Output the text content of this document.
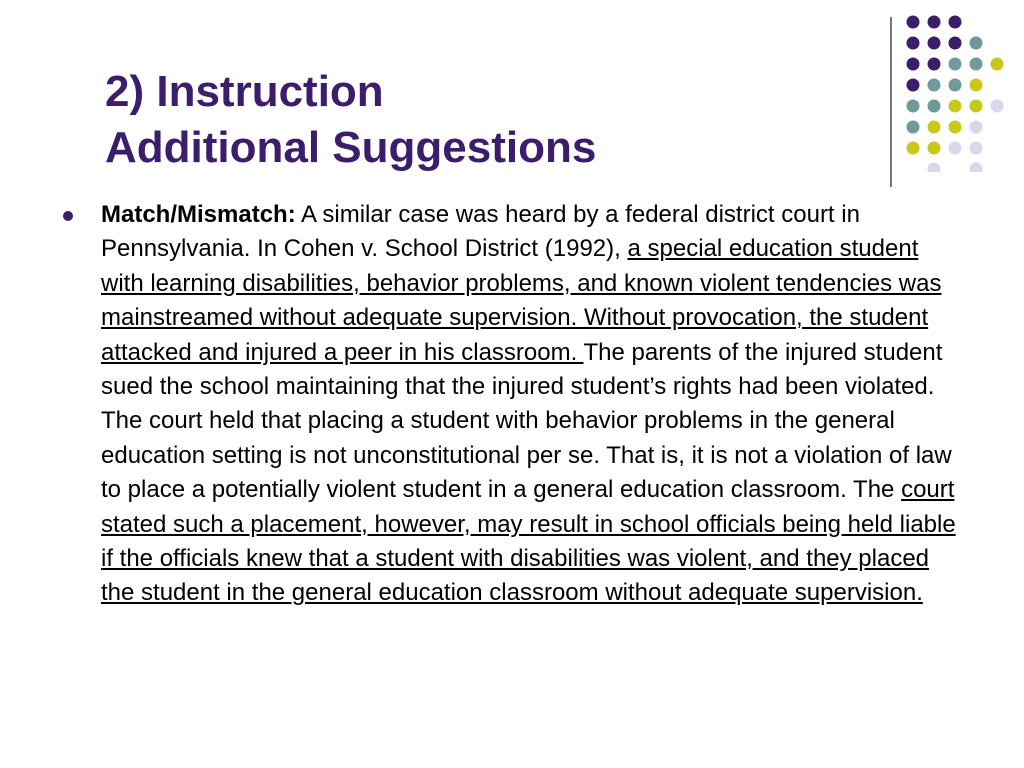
2) Instruction
Additional Suggestions

Match/Mismatch: A similar case was heard by a federal district court in Pennsylvania. In Cohen v. School District (1992), a special education student with learning disabilities, behavior problems, and known violent tendencies was mainstreamed without adequate supervision. Without provocation, the student attacked and injured a peer in his classroom. The parents of the injured student sued the school maintaining that the injured student’s rights had been violated. The court held that placing a student with behavior problems in the general education setting is not unconstitutional per se. That is, it is not a violation of law to place a potentially violent student in a general education classroom. The court stated such a placement, however, may result in school officials being held liable if the officials knew that a student with disabilities was violent, and they placed the student in the general education classroom without adequate supervision.
